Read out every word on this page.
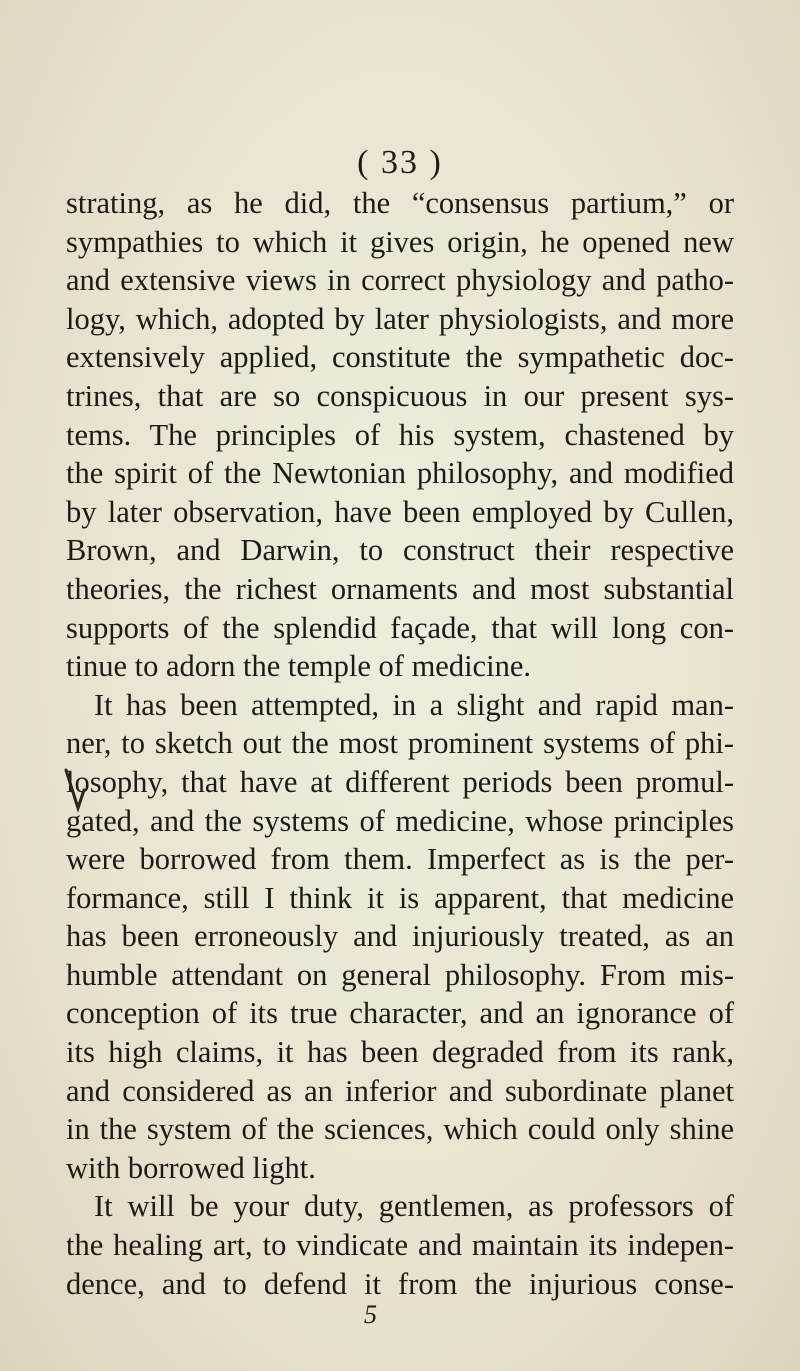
( 33 )
strating, as he did, the “consensus partium,” or
sympathies to which it gives origin, he opened new
and extensive views in correct physiology and patho-
logy, which, adopted by later physiologists, and more
extensively applied, constitute the sympathetic doc-
trines, that are so conspicuous in our present sys-
tems. The principles of his system, chastened by
the spirit of the Newtonian philosophy, and modified
by later observation, have been employed by Cullen,
Brown, and Darwin, to construct their respective
theories, the richest ornaments and most substantial
supports of the splendid façade, that will long con-
tinue to adorn the temple of medicine.
It has been attempted, in a slight and rapid man-
ner, to sketch out the most prominent systems of phi-
losophy, that have at different periods been promul-
gated, and the systems of medicine, whose principles
were borrowed from them. Imperfect as is the per-
formance, still I think it is apparent, that medicine
has been erroneously and injuriously treated, as an
humble attendant on general philosophy. From mis-
conception of its true character, and an ignorance of
its high claims, it has been degraded from its rank,
and considered as an inferior and subordinate planet
in the system of the sciences, which could only shine
with borrowed light.
It will be your duty, gentlemen, as professors of
the healing art, to vindicate and maintain its indepen-
dence, and to defend it from the injurious conse-
5
